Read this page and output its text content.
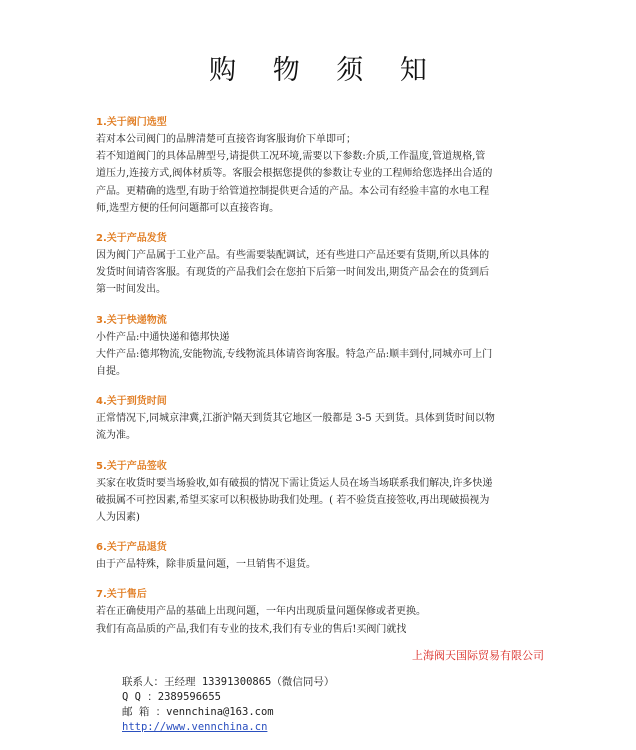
购 物 须 知
1.关于阀门选型
若对本公司阀门的品牌清楚可直接咨询客服询价下单即可；
若不知道阀门的具体品牌型号,请提供工况环境,需要以下参数:介质,工作温度,管道规格,管
道压力,连接方式,阀体材质等。客服会根据您提供的参数让专业的工程师给您选择出合适的
产品。更精确的选型,有助于给管道控制提供更合适的产品。本公司有经验丰富的水电工程
师,选型方便的任何问题都可以直接咨询。
2.关于产品发货
因为阀门产品属于工业产品。有些需要装配调试，还有些进口产品还要有货期,所以具体的
发货时间请咨客服。有现货的产品我们会在您拍下后第一时间发出,期货产品会在的货到后
第一时间发出。
3.关于快递物流
小件产品:中通快递和德邦快递
大件产品:德邦物流,安能物流,专线物流具体请咨询客服。特急产品:顺丰到付,同城亦可上门
自提。
4.关于到货时间
正常情况下,同城京津冀,江浙沪隔天到货其它地区一般都是 3-5 天到货。具体到货时间以物
流为准。
5.关于产品签收
买家在收货时要当场验收,如有破损的情况下需让货运人员在场当场联系我们解决,许多快递
破损属不可控因素,希望买家可以积极协助我们处理。( 若不验货直接签收,再出现破损视为
人为因素)
6.关于产品退货
由于产品特殊，除非质量问题，一旦销售不退货。
7.关于售后
若在正确使用产品的基础上出现问题，一年内出现质量问题保修或者更换。
我们有高品质的产品,我们有专业的技术,我们有专业的售后!买阀门就找
上海阀天国际贸易有限公司
联系人：王经理 13391300865（微信同号）
Q Q ：2389596655
邮 箱 ：vennchina@163.com
http://www.vennchina.cn
